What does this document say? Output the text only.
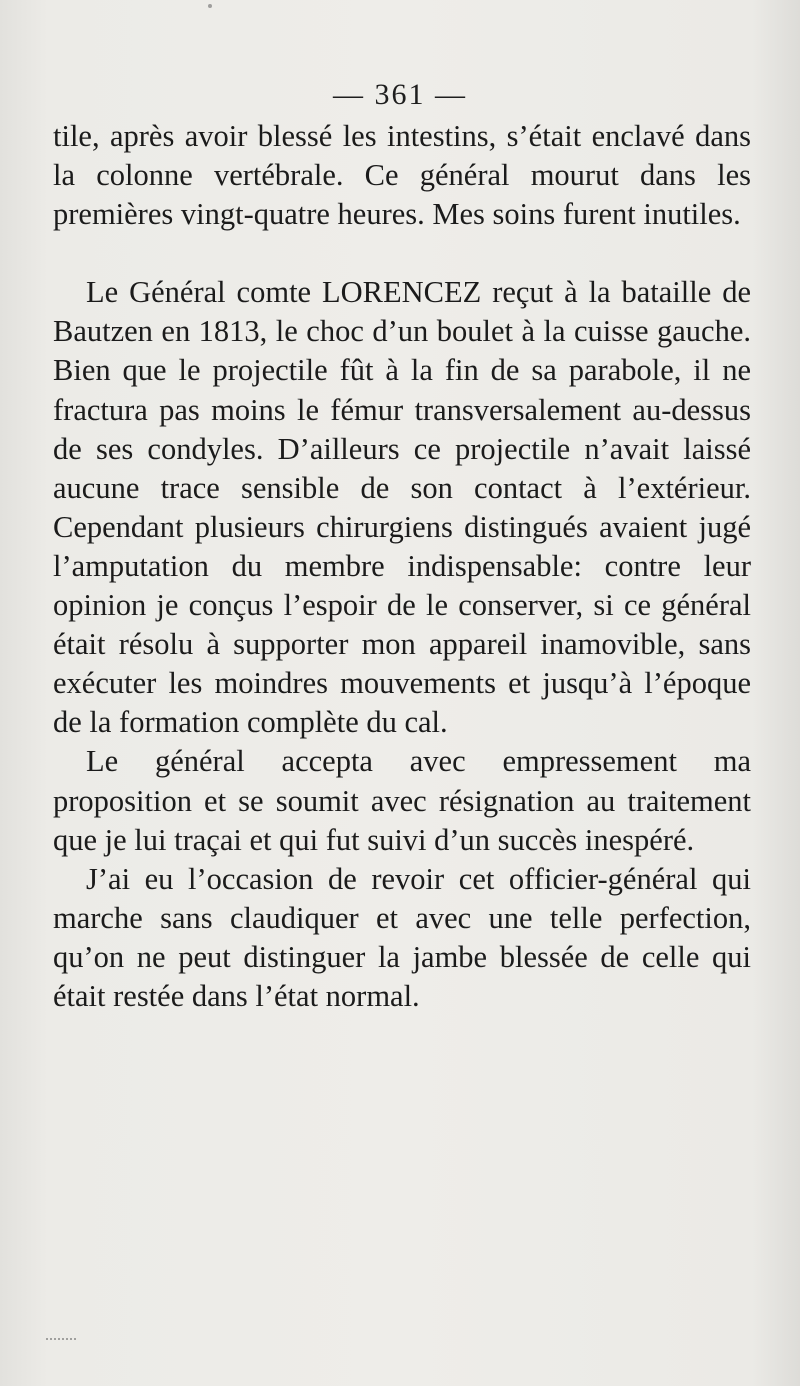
— 361 —

tile, après avoir blessé les intestins, s’était enclavé dans la colonne vertébrale. Ce général mourut dans les premières vingt-quatre heures. Mes soins furent inutiles.

Le Général comte LORENCEZ reçut à la bataille de Bautzen en 1813, le choc d’un boulet à la cuisse gauche. Bien que le projectile fût à la fin de sa parabole, il ne fractura pas moins le fémur transversalement au-dessus de ses condyles. D’ailleurs ce projectile n’avait laissé aucune trace sensible de son contact à l’extérieur. Cependant plusieurs chirurgiens distingués avaient jugé l’amputation du membre indispensable: contre leur opinion je conçus l’espoir de le conserver, si ce général était résolu à supporter mon appareil inamovible, sans exécuter les moindres mouvements et jusqu’à l’époque de la formation complète du cal.

Le général accepta avec empressement ma proposition et se soumit avec résignation au traitement que je lui traçai et qui fut suivi d’un succès inespéré.

J’ai eu l’occasion de revoir cet officier-général qui marche sans claudiquer et avec une telle perfection, qu’on ne peut distinguer la jambe blessée de celle qui était restée dans l’état normal.
